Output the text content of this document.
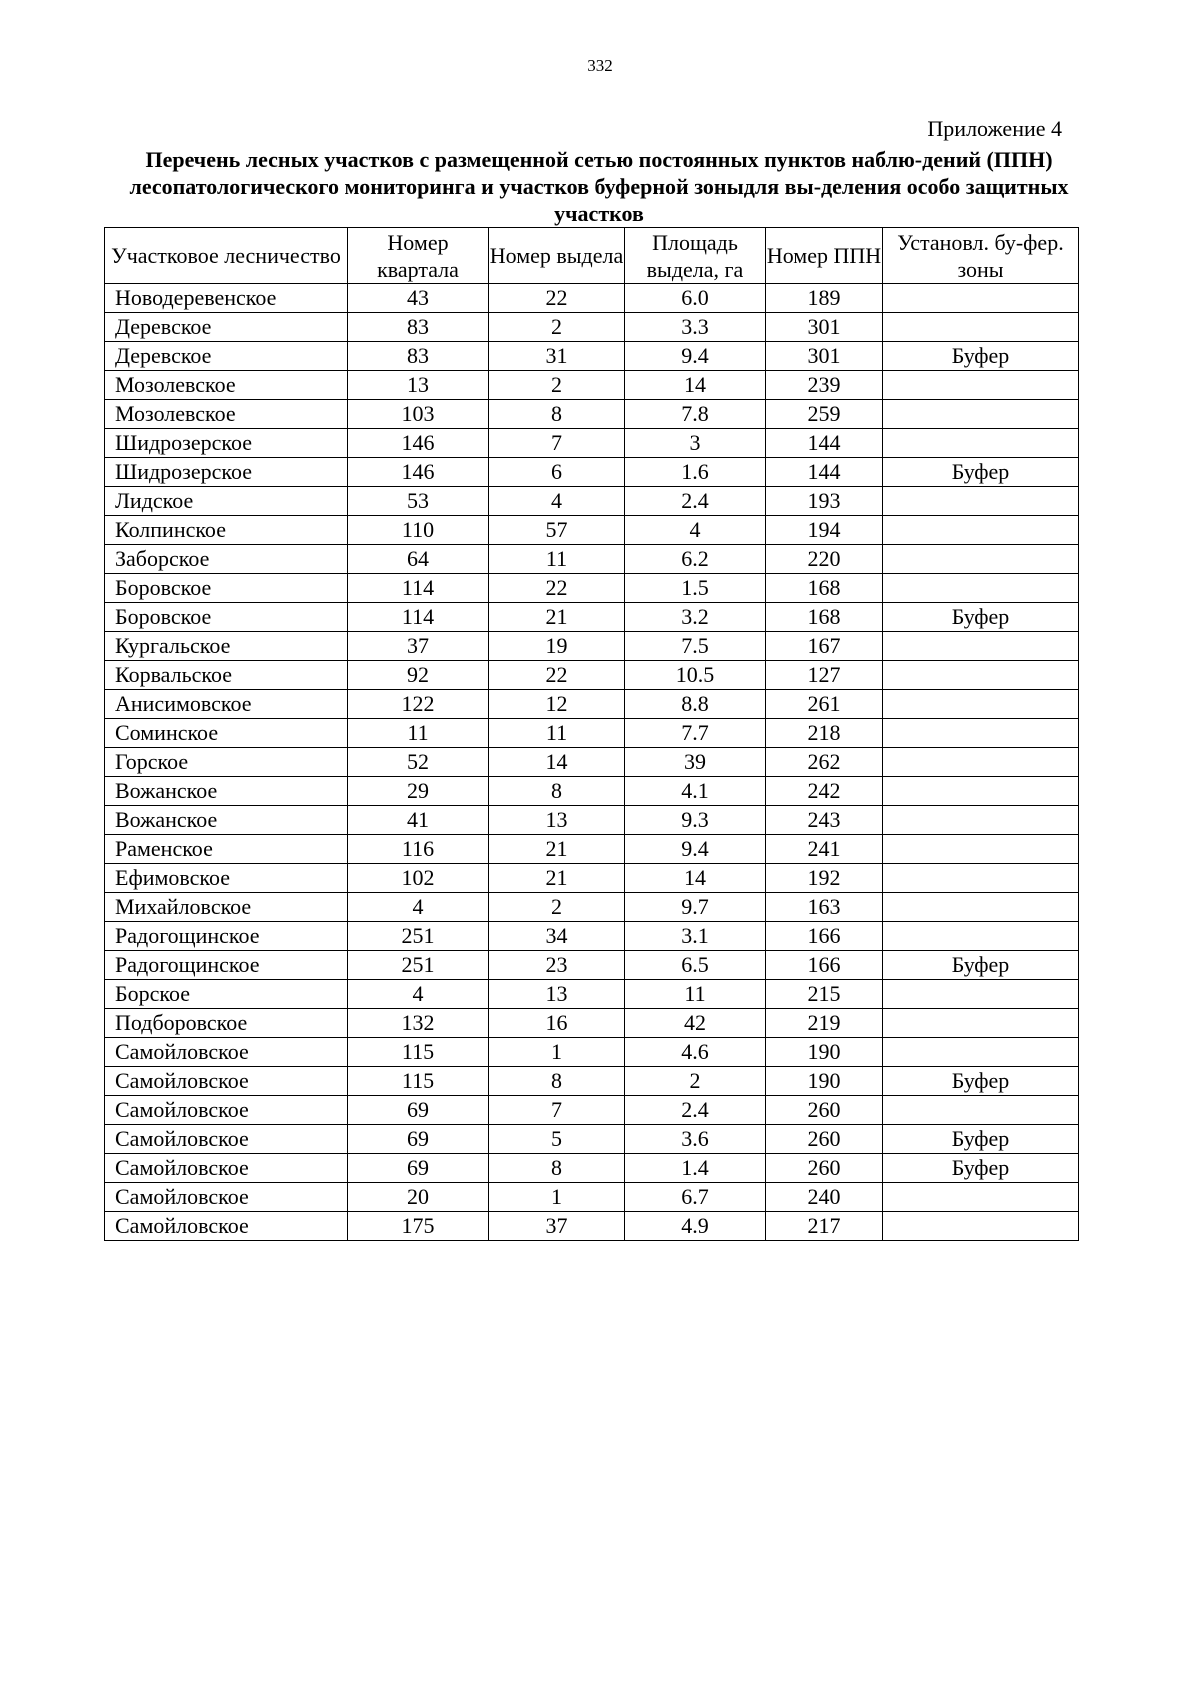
332
Приложение 4
Перечень лесных участков с размещенной сетью постоянных пунктов наблю-дений (ППН) лесопатологического мониторинга и участков буферной зоныдля вы-деления особо защитных участков
Участковое лесничество	Номер квартала	Номер выдела	Площадь выдела, га	Номер ППН	Установл. бу-фер. зоны
Новодеревенское	43	22	6.0	189	
Деревское	83	2	3.3	301	
Деревское	83	31	9.4	301	Буфер
Мозолевское	13	2	14	239	
Мозолевское	103	8	7.8	259	
Шидрозерское	146	7	3	144	
Шидрозерское	146	6	1.6	144	Буфер
Лидское	53	4	2.4	193	
Колпинское	110	57	4	194	
Заборское	64	11	6.2	220	
Боровское	114	22	1.5	168	
Боровское	114	21	3.2	168	Буфер
Кургальское	37	19	7.5	167	
Корвальское	92	22	10.5	127	
Анисимовское	122	12	8.8	261	
Соминское	11	11	7.7	218	
Горское	52	14	39	262	
Вожанское	29	8	4.1	242	
Вожанское	41	13	9.3	243	
Раменское	116	21	9.4	241	
Ефимовское	102	21	14	192	
Михайловское	4	2	9.7	163	
Радогощинское	251	34	3.1	166	
Радогощинское	251	23	6.5	166	Буфер
Борское	4	13	11	215	
Подборовское	132	16	42	219	
Самойловское	115	1	4.6	190	
Самойловское	115	8	2	190	Буфер
Самойловское	69	7	2.4	260	
Самойловское	69	5	3.6	260	Буфер
Самойловское	69	8	1.4	260	Буфер
Самойловское	20	1	6.7	240	
Самойловское	175	37	4.9	217	
